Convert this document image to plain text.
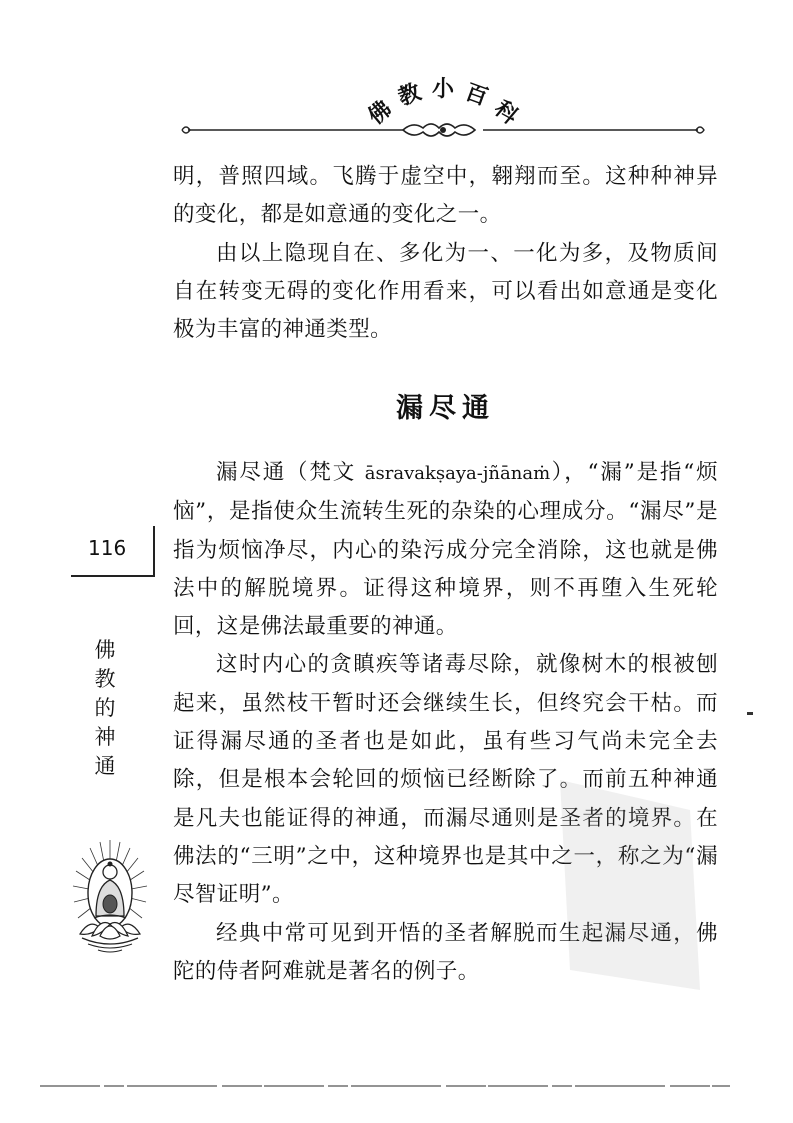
佛
教 小 百
科

明，普照四域。飞腾于虚空中，翱翔而至。这种种神异的变化，都是如意通的变化之一。

由以上隐现自在、多化为一、一化为多，及物质间自在转变无碍的变化作用看来，可以看出如意通是变化极为丰富的神通类型。

漏尽通

漏尽通（梵文 āsravakṣaya-jñānaṁ），“漏”是指“烦恼”，是指使众生流转生死的杂染的心理成分。“漏尽”是指为烦恼净尽，内心的染污成分完全消除，这也就是佛法中的解脱境界。证得这种境界，则不再堕入生死轮回，这是佛法最重要的神通。

这时内心的贪瞋疾等诸毒尽除，就像树木的根被刨起来，虽然枝干暂时还会继续生长，但终究会干枯。而证得漏尽通的圣者也是如此，虽有些习气尚未完全去除，但是根本会轮回的烦恼已经断除了。而前五种神通是凡夫也能证得的神通，而漏尽通则是圣者的境界。在佛法的“三明”之中，这种境界也是其中之一，称之为“漏尽智证明”。

经典中常可见到开悟的圣者解脱而生起漏尽通，佛陀的侍者阿难就是著名的例子。

116
佛
教
的
神
通
